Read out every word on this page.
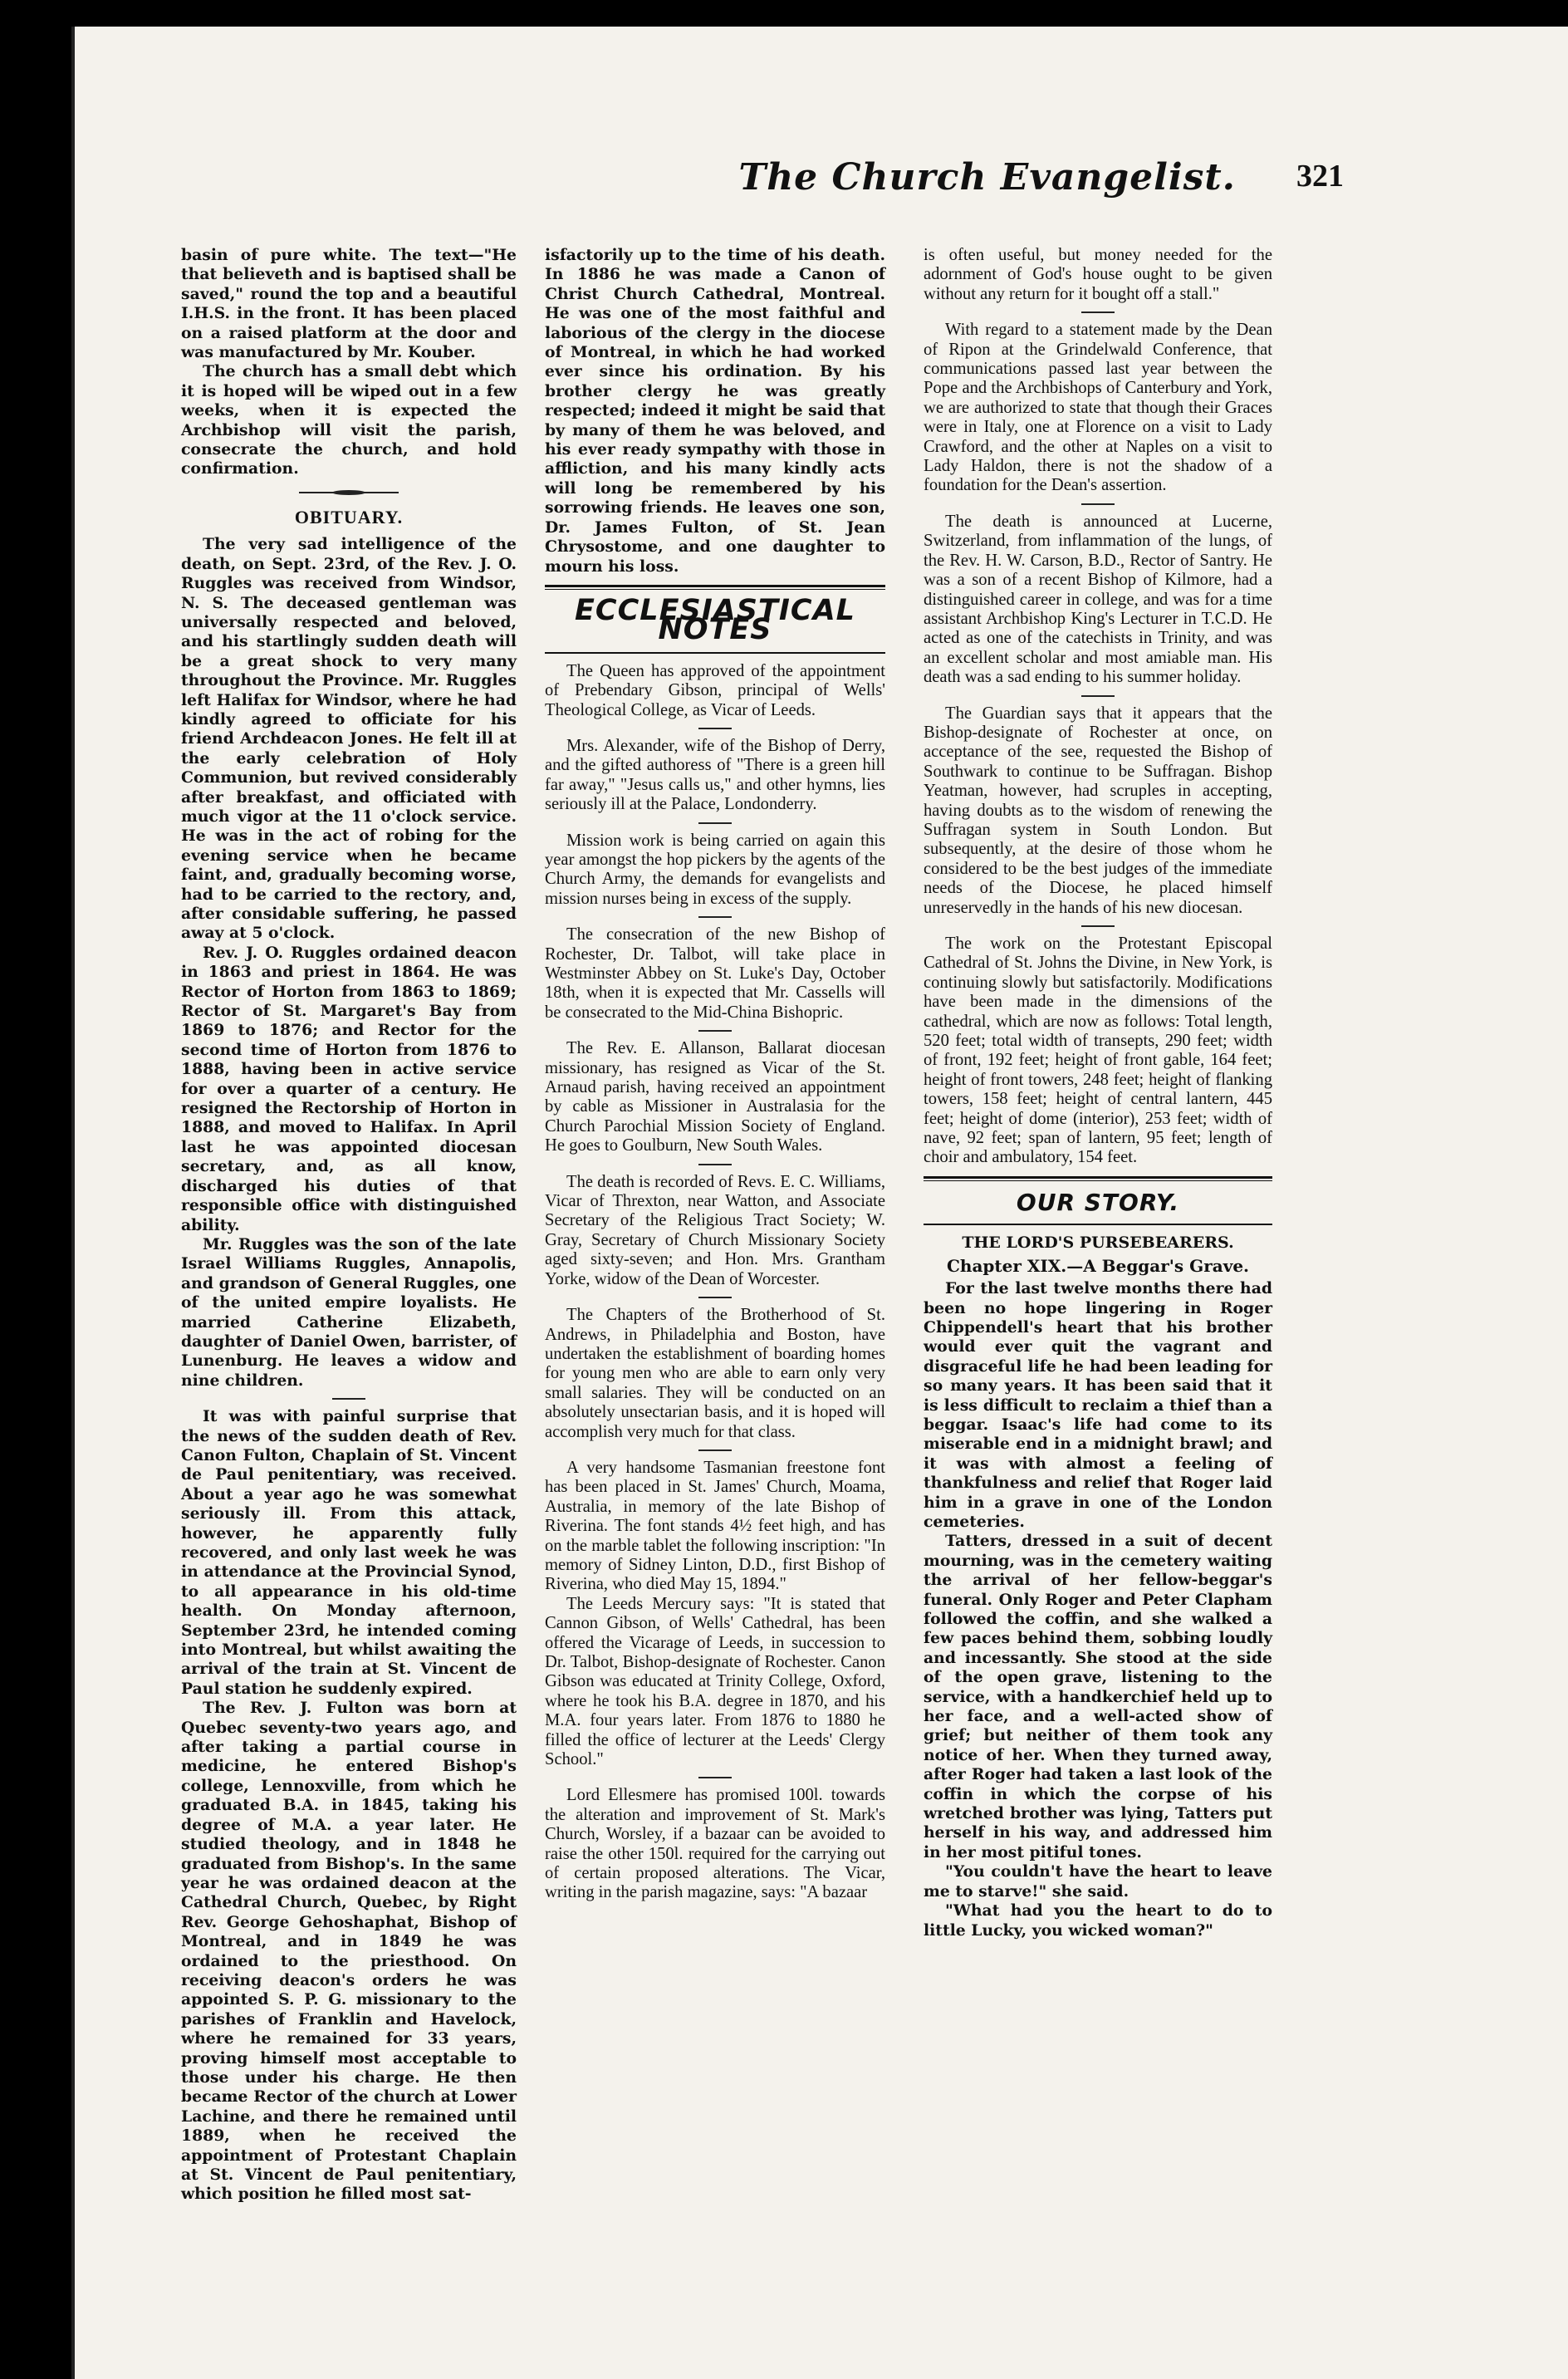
The Church Evangelist. 321

basin of pure white. The text—"He that believeth and is baptised shall be saved," round the top and a beautiful I.H.S. in the front. It has been placed on a raised platform at the door and was manufactured by Mr. Kouber.

The church has a small debt which it is hoped will be wiped out in a few weeks, when it is expected the Archbishop will visit the parish, consecrate the church, and hold confirmation.

OBITUARY.

The very sad intelligence of the death, on Sept. 23rd, of the Rev. J. O. Ruggles was received from Windsor, N. S. The deceased gentleman was universally respected and beloved, and his startlingly sudden death will be a great shock to very many throughout the Province. Mr. Ruggles left Halifax for Windsor, where he had kindly agreed to officiate for his friend Archdeacon Jones. He felt ill at the early celebration of Holy Communion, but revived considerably after breakfast, and officiated with much vigor at the 11 o'clock service. He was in the act of robing for the evening service when he became faint, and, gradually becoming worse, had to be carried to the rectory, and, after considable suffering, he passed away at 5 o'clock.

Rev. J. O. Ruggles ordained deacon in 1863 and priest in 1864. He was Rector of Horton from 1863 to 1869; Rector of St. Margaret's Bay from 1869 to 1876; and Rector for the second time of Horton from 1876 to 1888, having been in active service for over a quarter of a century. He resigned the Rectorship of Horton in 1888, and moved to Halifax. In April last he was appointed diocesan secretary, and, as all know, discharged his duties of that responsible office with distinguished ability.

Mr. Ruggles was the son of the late Israel Williams Ruggles, Annapolis, and grandson of General Ruggles, one of the united empire loyalists. He married Catherine Elizabeth, daughter of Daniel Owen, barrister, of Lunenburg. He leaves a widow and nine children.

It was with painful surprise that the news of the sudden death of Rev. Canon Fulton, Chaplain of St. Vincent de Paul penitentiary, was received. About a year ago he was somewhat seriously ill. From this attack, however, he apparently fully recovered, and only last week he was in attendance at the Provincial Synod, to all appearance in his old-time health. On Monday afternoon, September 23rd, he intended coming into Montreal, but whilst awaiting the arrival of the train at St. Vincent de Paul station he suddenly expired.

The Rev. J. Fulton was born at Quebec seventy-two years ago, and after taking a partial course in medicine, he entered Bishop's college, Lennoxville, from which he graduated B.A. in 1845, taking his degree of M.A. a year later. He studied theology, and in 1848 he graduated from Bishop's. In the same year he was ordained deacon at the Cathedral Church, Quebec, by Right Rev. George Gehoshaphat, Bishop of Montreal, and in 1849 he was ordained to the priesthood. On receiving deacon's orders he was appointed S. P. G. missionary to the parishes of Franklin and Havelock, where he remained for 33 years, proving himself most acceptable to those under his charge. He then became Rector of the church at Lower Lachine, and there he remained until 1889, when he received the appointment of Protestant Chaplain at St. Vincent de Paul penitentiary, which position he filled most sat-

isfactorily up to the time of his death. In 1886 he was made a Canon of Christ Church Cathedral, Montreal. He was one of the most faithful and laborious of the clergy in the diocese of Montreal, in which he had worked ever since his ordination. By his brother clergy he was greatly respected; indeed it might be said that by many of them he was beloved, and his ever ready sympathy with those in affliction, and his many kindly acts will long be remembered by his sorrowing friends. He leaves one son, Dr. James Fulton, of St. Jean Chrysostome, and one daughter to mourn his loss.

ECCLESIASTICAL NOTES

The Queen has approved of the appointment of Prebendary Gibson, principal of Wells' Theological College, as Vicar of Leeds.

Mrs. Alexander, wife of the Bishop of Derry, and the gifted authoress of "There is a green hill far away," "Jesus calls us," and other hymns, lies seriously ill at the Palace, Londonderry.

Mission work is being carried on again this year amongst the hop pickers by the agents of the Church Army, the demands for evangelists and mission nurses being in excess of the supply.

The consecration of the new Bishop of Rochester, Dr. Talbot, will take place in Westminster Abbey on St. Luke's Day, October 18th, when it is expected that Mr. Cassells will be consecrated to the Mid-China Bishopric.

The Rev. E. Allanson, Ballarat diocesan missionary, has resigned as Vicar of the St. Arnaud parish, having received an appointment by cable as Missioner in Australasia for the Church Parochial Mission Society of England. He goes to Goulburn, New South Wales.

The death is recorded of Revs. E. C. Williams, Vicar of Threxton, near Watton, and Associate Secretary of the Religious Tract Society; W. Gray, Secretary of Church Missionary Society aged sixty-seven; and Hon. Mrs. Grantham Yorke, widow of the Dean of Worcester.

The Chapters of the Brotherhood of St. Andrews, in Philadelphia and Boston, have undertaken the establishment of boarding homes for young men who are able to earn only very small salaries. They will be conducted on an absolutely unsectarian basis, and it is hoped will accomplish very much for that class.

A very handsome Tasmanian freestone font has been placed in St. James' Church, Moama, Australia, in memory of the late Bishop of Riverina. The font stands 4½ feet high, and has on the marble tablet the following inscription: "In memory of Sidney Linton, D.D., first Bishop of Riverina, who died May 15, 1894."

The Leeds Mercury says: "It is stated that Cannon Gibson, of Wells' Cathedral, has been offered the Vicarage of Leeds, in succession to Dr. Talbot, Bishop-designate of Rochester. Canon Gibson was educated at Trinity College, Oxford, where he took his B.A. degree in 1870, and his M.A. four years later. From 1876 to 1880 he filled the office of lecturer at the Leeds' Clergy School."

Lord Ellesmere has promised 100l. towards the alteration and improvement of St. Mark's Church, Worsley, if a bazaar can be avoided to raise the other 150l. required for the carrying out of certain proposed alterations. The Vicar, writing in the parish magazine, says: "A bazaar

is often useful, but money needed for the adornment of God's house ought to be given without any return for it bought off a stall."

With regard to a statement made by the Dean of Ripon at the Grindelwald Conference, that communications passed last year between the Pope and the Archbishops of Canterbury and York, we are authorized to state that though their Graces were in Italy, one at Florence on a visit to Lady Crawford, and the other at Naples on a visit to Lady Haldon, there is not the shadow of a foundation for the Dean's assertion.

The death is announced at Lucerne, Switzerland, from inflammation of the lungs, of the Rev. H. W. Carson, B.D., Rector of Santry. He was a son of a recent Bishop of Kilmore, had a distinguished career in college, and was for a time assistant Archbishop King's Lecturer in T.C.D. He acted as one of the catechists in Trinity, and was an excellent scholar and most amiable man. His death was a sad ending to his summer holiday.

The Guardian says that it appears that the Bishop-designate of Rochester at once, on acceptance of the see, requested the Bishop of Southwark to continue to be Suffragan. Bishop Yeatman, however, had scruples in accepting, having doubts as to the wisdom of renewing the Suffragan system in South London. But subsequently, at the desire of those whom he considered to be the best judges of the immediate needs of the Diocese, he placed himself unreservedly in the hands of his new diocesan.

The work on the Protestant Episcopal Cathedral of St. Johns the Divine, in New York, is continuing slowly but satisfactorily. Modifications have been made in the dimensions of the cathedral, which are now as follows: Total length, 520 feet; total width of transepts, 290 feet; width of front, 192 feet; height of front gable, 164 feet; height of front towers, 248 feet; height of flanking towers, 158 feet; height of central lantern, 445 feet; height of dome (interior), 253 feet; width of nave, 92 feet; span of lantern, 95 feet; length of choir and ambulatory, 154 feet.

OUR STORY.
THE LORD'S PURSEBEARERS.
Chapter XIX.—A Beggar's Grave.

For the last twelve months there had been no hope lingering in Roger Chippendell's heart that his brother would ever quit the vagrant and disgraceful life he had been leading for so many years. It has been said that it is less difficult to reclaim a thief than a beggar. Isaac's life had come to its miserable end in a midnight brawl; and it was with almost a feeling of thankfulness and relief that Roger laid him in a grave in one of the London cemeteries.

Tatters, dressed in a suit of decent mourning, was in the cemetery waiting the arrival of her fellow-beggar's funeral. Only Roger and Peter Clapham followed the coffin, and she walked a few paces behind them, sobbing loudly and incessantly. She stood at the side of the open grave, listening to the service, with a handkerchief held up to her face, and a well-acted show of grief; but neither of them took any notice of her. When they turned away, after Roger had taken a last look of the coffin in which the corpse of his wretched brother was lying, Tatters put herself in his way, and addressed him in her most pitiful tones.

"You couldn't have the heart to leave me to starve!" she said.

"What had you the heart to do to little Lucky, you wicked woman?"
